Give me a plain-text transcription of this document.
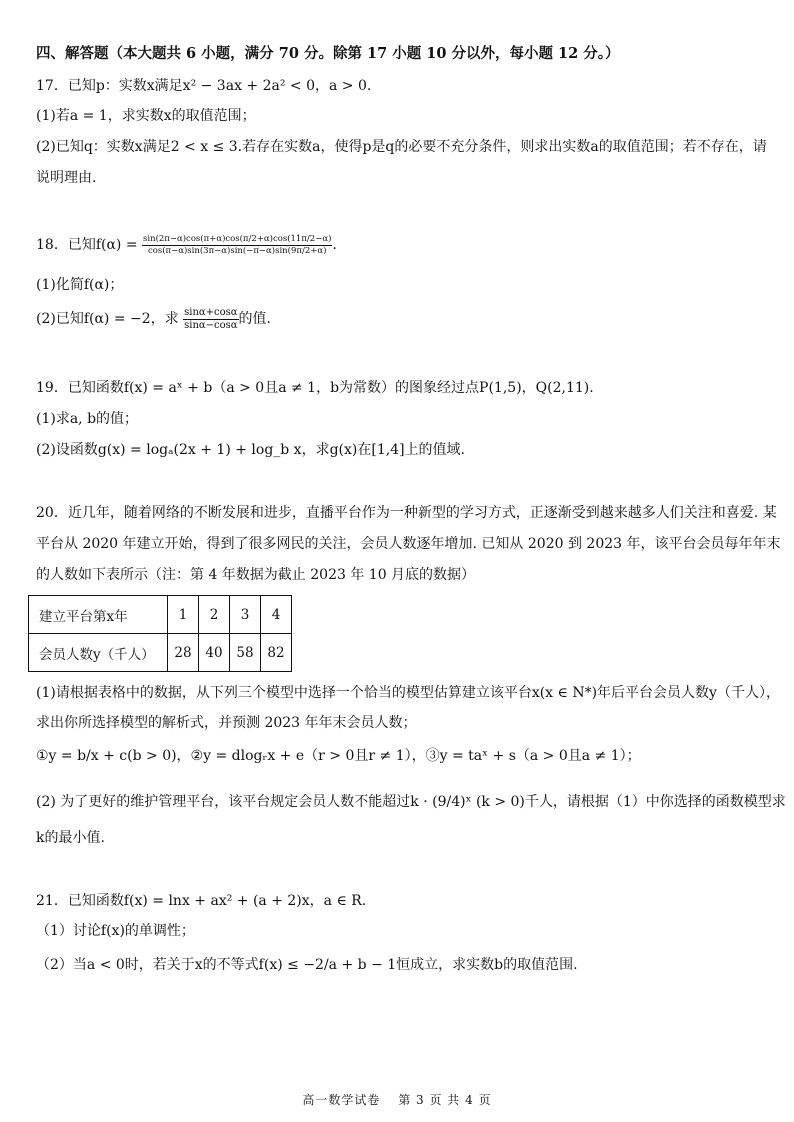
四、解答题（本大题共 6 小题，满分 70 分。除第 17 小题 10 分以外，每小题 12 分。）
17．已知p：实数x满足x² − 3ax + 2a² < 0，a > 0.
(1)若a = 1，求实数x的取值范围；
(2)已知q：实数x满足2 < x ≤ 3.若存在实数a，使得p是q的必要不充分条件，则求出实数a的取值范围；若不存在，请
说明理由.
18．已知$f(\alpha) = \frac{\sin(2\pi-\alpha)\cos(\pi+\alpha)\cos(\pi/2+\alpha)\cos(11\pi/2-\alpha)}{\cos(\pi-\alpha)\sin(3\pi-\alpha)\sin(-\pi-\alpha)\sin(9\pi/2+\alpha)}$ .
(1)化简f(α)；
(2)已知f(α) = −2，求 $\frac{\sin\alpha+\cos\alpha}{\sin\alpha-\cos\alpha}$ 的值.
19．已知函数f(x) = aˣ + b（a > 0且a ≠ 1，b为常数）的图象经过点P(1,5)，Q(2,11).
(1)求a, b的值；
(2)设函数g(x) = logₐ(2x + 1) + log_b x，求g(x)在[1,4]上的值域.
20．近几年，随着网络的不断发展和进步，直播平台作为一种新型的学习方式，正逐渐受到越来越多人们关注和喜爱. 某
平台从 2020 年建立开始，得到了很多网民的关注，会员人数逐年增加. 已知从 2020 到 2023 年，该平台会员每年年末
的人数如下表所示（注：第 4 年数据为截止 2023 年 10 月底的数据）
建立平台第x年	1	2	3	4
会员人数y（千人）	28	40	58	82
(1)请根据表格中的数据，从下列三个模型中选择一个恰当的模型估算建立该平台x(x ∈ N*)年后平台会员人数y（千人），
求出你所选择模型的解析式，并预测 2023 年年末会员人数；
①y = b/x + c(b > 0)，②y = dlogᵣx + e（r > 0且r ≠ 1），③y = taˣ + s（a > 0且a ≠ 1）；
(2) 为了更好的维护管理平台，该平台规定会员人数不能超过k · (9/4)ˣ (k > 0)千人，请根据（1）中你选择的函数模型求
k的最小值.
21．已知函数f(x) = lnx + ax² + (a + 2)x，a ∈ R.
（1）讨论f(x)的单调性；
（2）当a < 0时，若关于x的不等式f(x) ≤ −2/a + b − 1恒成立，求实数b的取值范围.
高一数学试卷　 第 3 页 共 4 页
